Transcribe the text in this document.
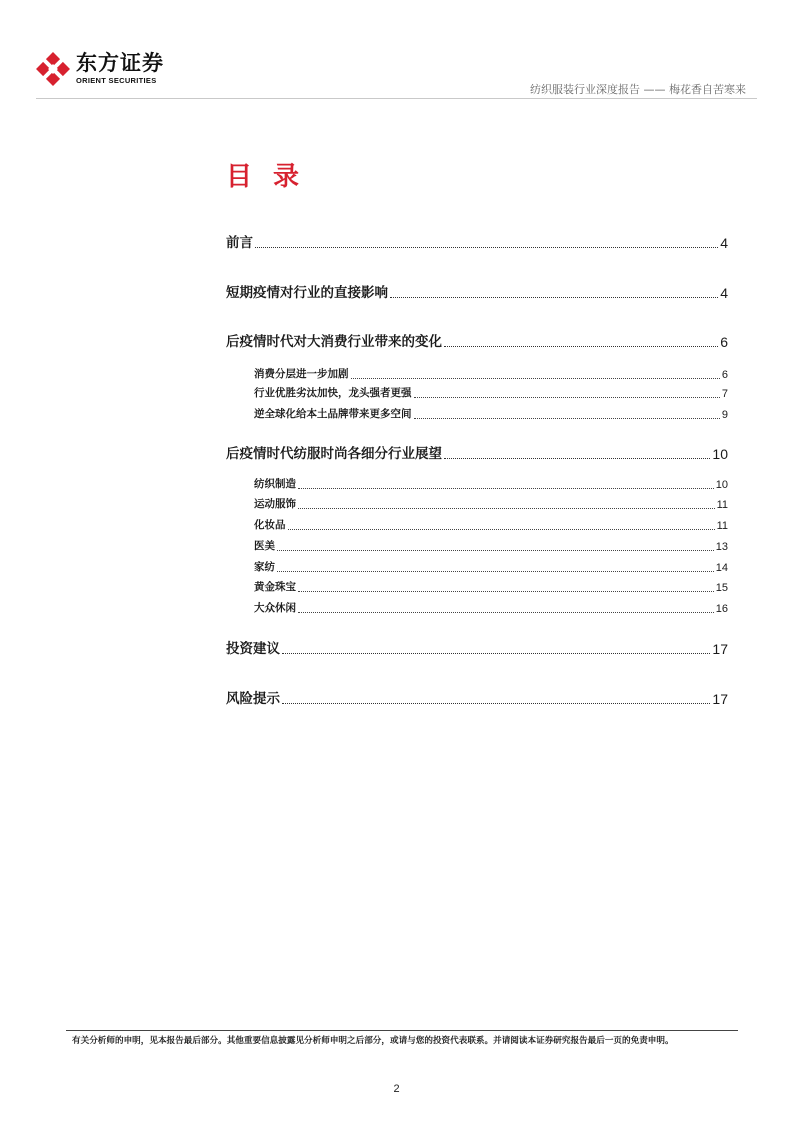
东方证券
ORIENT SECURITIES
纺织服装行业深度报告 —— 梅花香自苦寒来
目 录
前言	4
短期疫情对行业的直接影响	4
后疫情时代对大消费行业带来的变化	6
消费分层进一步加剧	6
行业优胜劣汰加快，龙头强者更强	7
逆全球化给本土品牌带来更多空间	9
后疫情时代纺服时尚各细分行业展望	10
纺织制造	10
运动服饰	11
化妆品	11
医美	13
家纺	14
黄金珠宝	15
大众休闲	16
投资建议	17
风险提示	17
有关分析师的申明，见本报告最后部分。其他重要信息披露见分析师申明之后部分，或请与您的投资代表联系。并请阅读本证券研究报告最后一页的免责申明。
2
